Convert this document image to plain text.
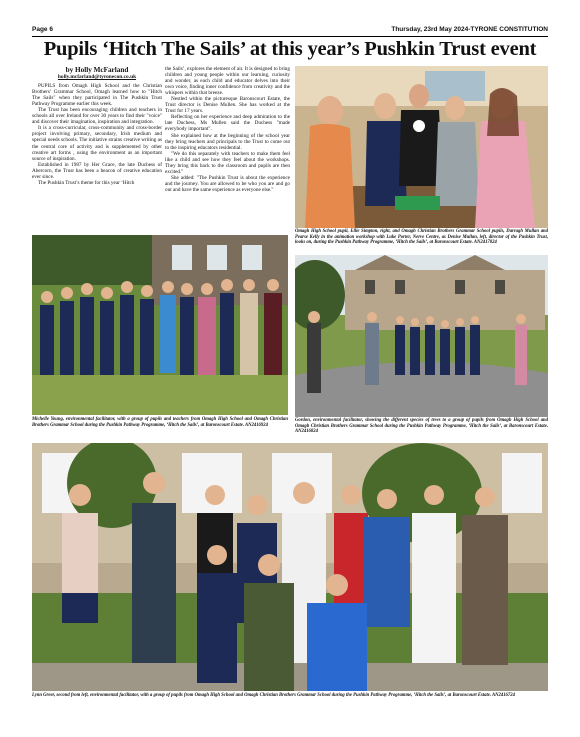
Page 6	Thursday, 23rd May 2024-TYRONE CONSTITUTION
Pupils ‘Hitch The Sails’ at this year’s Pushkin Trust event
by Holly McFarland
holly.mcfarland@tyronecon.co.uk

PUPILS from Omagh High School and the Christian Brothers’ Grammar School, Omagh learned how to "Hitch The Sails" when they participated in The Pushkin Trust Pathway Programme earlier this week.

The Trust has been encouraging children and teachers in schools all over Ireland for over 30 years to find their "voice" and discover their imagination, inspiration and integration.

It is a cross-curricular, cross-community and cross-border project involving primary, secondary, Irish medium and special needs schools. The initiative strains creative writing as the central core of activity and is supplemented by other creative art forms , using the environment as an important source of inspiration.

Established in 1987 by Her Grace, the late Duchess of Abercorn, the Trust has been a beacon of creative education ever since.

The Pushkin Trust’s theme for this year ‘Hitch

the Sails’, explores the element of air. It is designed to bring children and young people within our learning, curiosity and wonder, as each child and educator delves into their own voice, finding inner confidence from creativity and the whispers within that breeze.

Nestled within the picturesque Baronscourt Estate, the Trust director is Denise Mullen. She has worked at the Trust for 17 years.

Reflecting on her experience and deep admiration to the late Duchess, Ms Mullen said the Duchess "made everybody important".

She explained how at the beginning of the school year they bring teachers and principals to the Trust to come out to the inspiring educators residential.

"We do this separately with teachers to make them feel like a child and see how they feel about the workshops. They bring this back to the classroom and pupils are then excited."

She added: "The Pushkin Trust is about the experience and the journey. You are allowed to be who you are and go out and have the same experience as everyone else."

Omagh High School pupil, Ellie Simpton, right, and Omagh Christian Brothers Grammar School pupils, Darragh Mullan and Pearse Kelly in the animation workshop with Luke Porter, Nerve Centre, as Denise Mullan, left, director of the Pushkin Trust, looks on, during the Pushkin Pathway Programme, ‘Hitch the Sails’, at Baronscourt Estate. AN2417024
Michelle Young, environmental facilitator, with a group of pupils and teachers from Omagh High School and Omagh Christian Brothers Grammar School during the Pushkin Pathway Programme, ‘Hitch the Sails’, at Baronscourt Estate. AN2416924
Gordon, environmental facilitator, showing the different species of trees to a group of pupils from Omagh High School and Omagh Christian Brothers Grammar School during the Pushkin Pathway Programme, ‘Hitch the Sails’, at Baronscourt Estate. AN2416824
Lynn Greer, second from left, environmental facilitator, with a group of pupils from Omagh High School and Omagh Christian Brothers Grammar School during the Pushkin Pathway Programme, ‘Hitch the Sails’, at Baronscourt Estate. AN2416724
